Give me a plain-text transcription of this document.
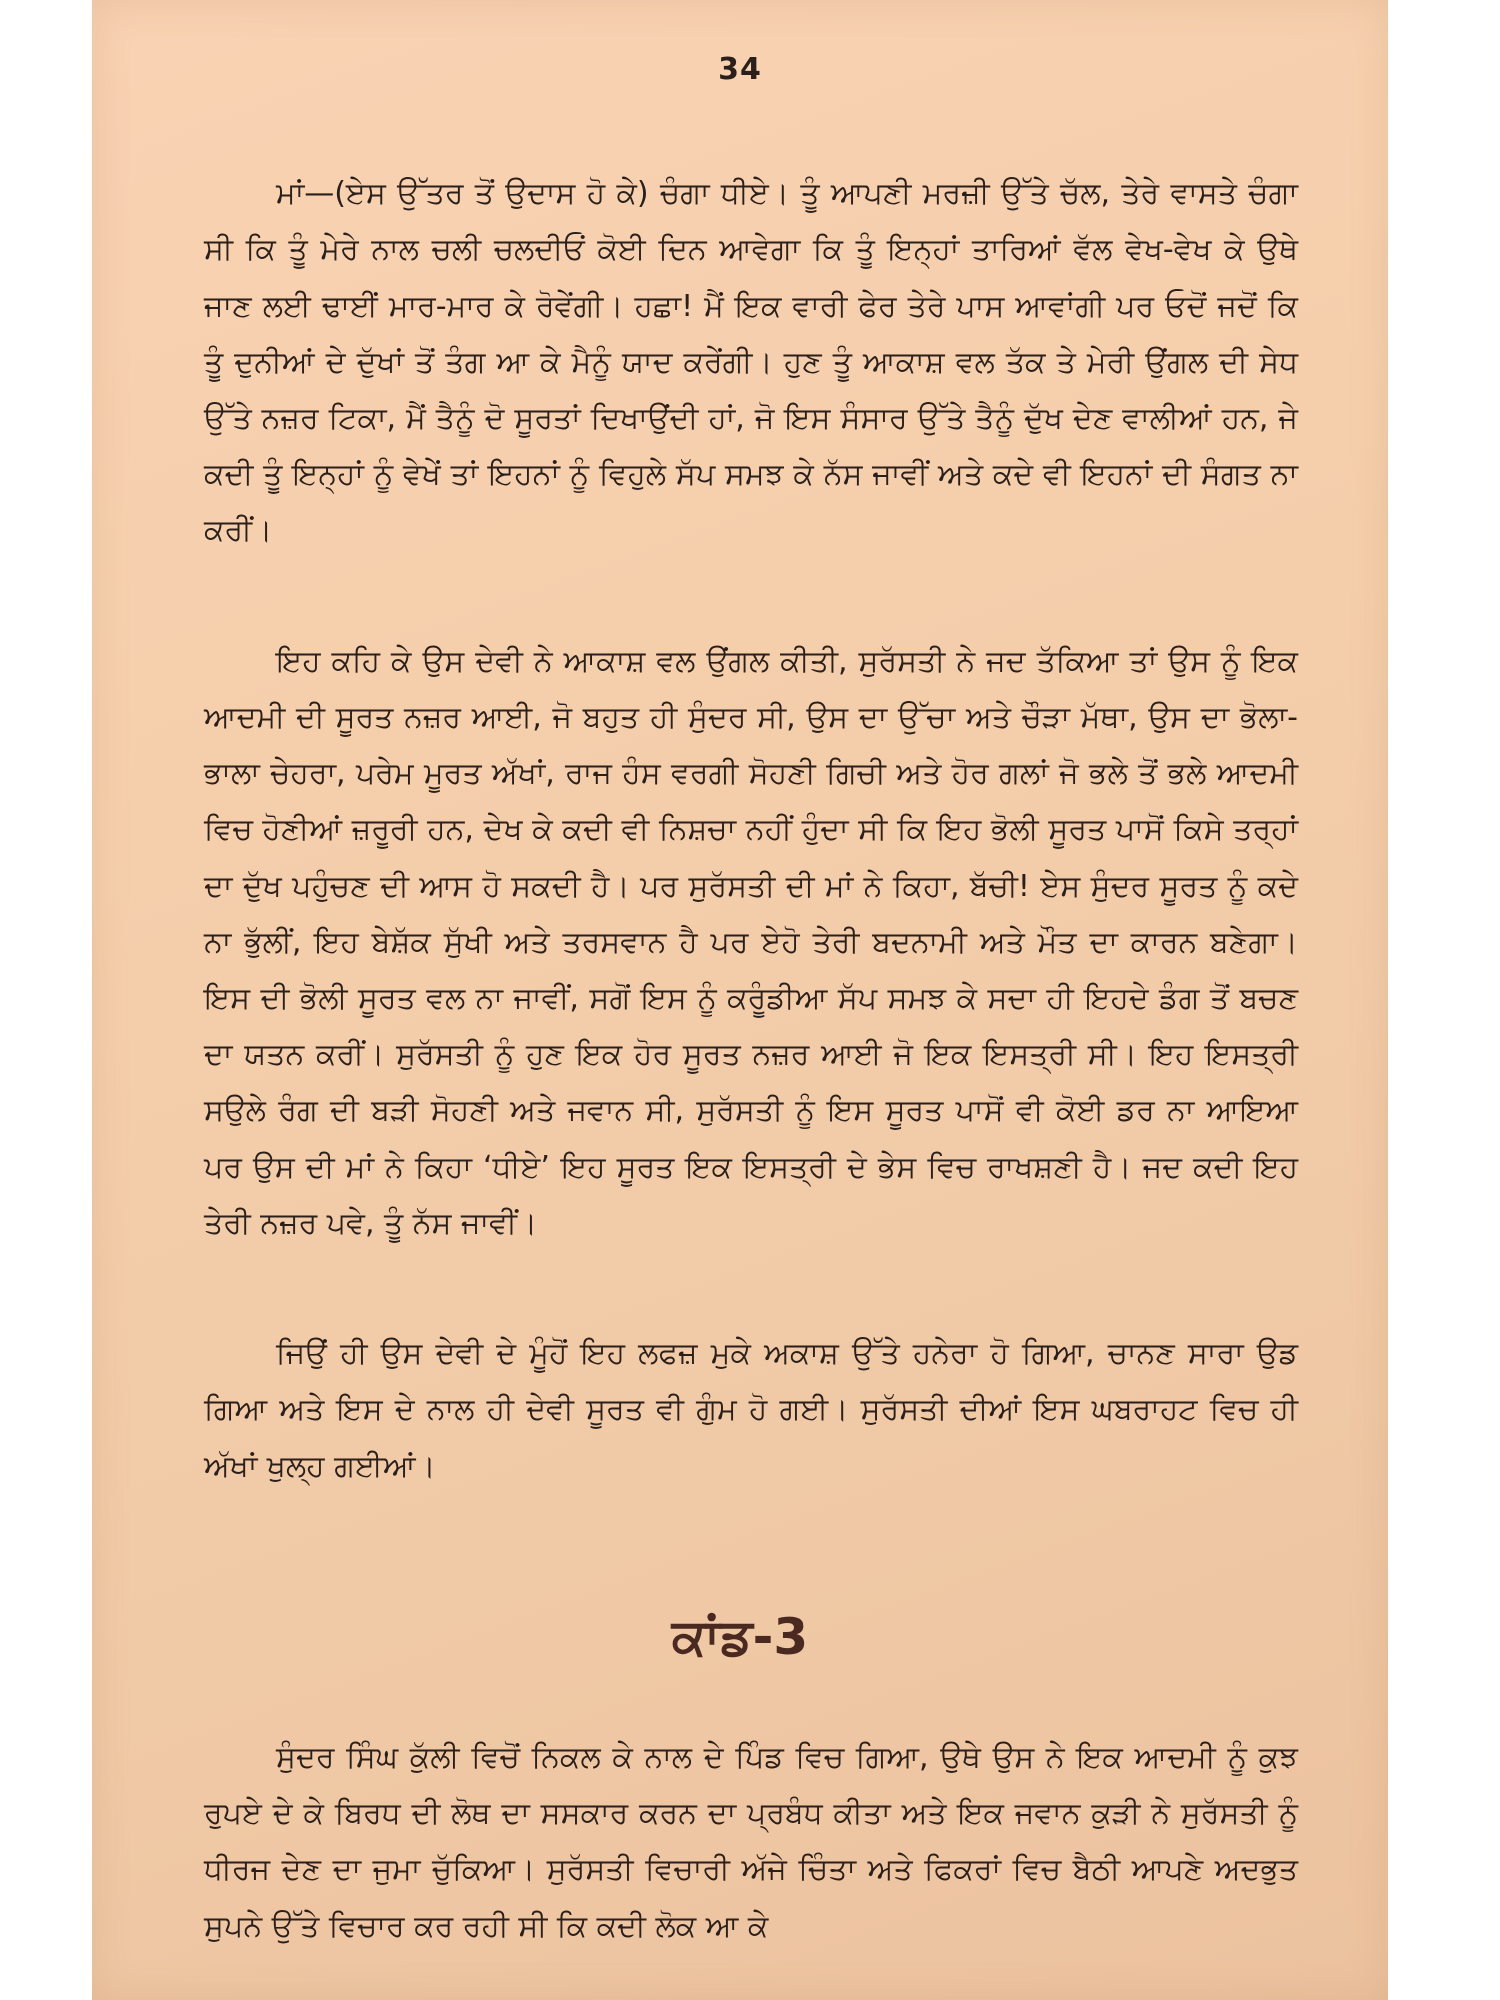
34

ਮਾਂ—(ਏਸ ਉੱਤਰ ਤੋਂ ਉਦਾਸ ਹੋ ਕੇ) ਚੰਗਾ ਧੀਏ। ਤੂੰ ਆਪਣੀ ਮਰਜ਼ੀ ਉੱਤੇ ਚੱਲ, ਤੇਰੇ ਵਾਸਤੇ ਚੰਗਾ ਸੀ ਕਿ ਤੂੰ ਮੇਰੇ ਨਾਲ ਚਲੀ ਚਲਦੀਓਂ ਕੋਈ ਦਿਨ ਆਵੇਗਾ ਕਿ ਤੂੰ ਇਨ੍ਹਾਂ ਤਾਰਿਆਂ ਵੱਲ ਵੇਖ-ਵੇਖ ਕੇ ਉਥੇ ਜਾਣ ਲਈ ਢਾਈਂ ਮਾਰ-ਮਾਰ ਕੇ ਰੋਵੇਂਗੀ। ਹਛਾ! ਮੈਂ ਇਕ ਵਾਰੀ ਫੇਰ ਤੇਰੇ ਪਾਸ ਆਵਾਂਗੀ ਪਰ ਓਦੋਂ ਜਦੋਂ ਕਿ ਤੂੰ ਦੁਨੀਆਂ ਦੇ ਦੁੱਖਾਂ ਤੋਂ ਤੰਗ ਆ ਕੇ ਮੈਨੂੰ ਯਾਦ ਕਰੇਂਗੀ। ਹੁਣ ਤੂੰ ਆਕਾਸ਼ ਵਲ ਤੱਕ ਤੇ ਮੇਰੀ ਉਂਗਲ ਦੀ ਸੇਧ ਉੱਤੇ ਨਜ਼ਰ ਟਿਕਾ, ਮੈਂ ਤੈਨੂੰ ਦੋ ਸੂਰਤਾਂ ਦਿਖਾਉਂਦੀ ਹਾਂ, ਜੋ ਇਸ ਸੰਸਾਰ ਉੱਤੇ ਤੈਨੂੰ ਦੁੱਖ ਦੇਣ ਵਾਲੀਆਂ ਹਨ, ਜੇ ਕਦੀ ਤੂੰ ਇਨ੍ਹਾਂ ਨੂੰ ਵੇਖੇਂ ਤਾਂ ਇਹਨਾਂ ਨੂੰ ਵਿਹੁਲੇ ਸੱਪ ਸਮਝ ਕੇ ਨੱਸ ਜਾਵੀਂ ਅਤੇ ਕਦੇ ਵੀ ਇਹਨਾਂ ਦੀ ਸੰਗਤ ਨਾ ਕਰੀਂ।

ਇਹ ਕਹਿ ਕੇ ਉਸ ਦੇਵੀ ਨੇ ਆਕਾਸ਼ ਵਲ ਉਂਗਲ ਕੀਤੀ, ਸੁਰੱਸਤੀ ਨੇ ਜਦ ਤੱਕਿਆ ਤਾਂ ਉਸ ਨੂੰ ਇਕ ਆਦਮੀ ਦੀ ਸੂਰਤ ਨਜ਼ਰ ਆਈ, ਜੋ ਬਹੁਤ ਹੀ ਸੁੰਦਰ ਸੀ, ਉਸ ਦਾ ਉੱਚਾ ਅਤੇ ਚੌੜਾ ਮੱਥਾ, ਉਸ ਦਾ ਭੋਲਾ-ਭਾਲਾ ਚੇਹਰਾ, ਪਰੇਮ ਮੂਰਤ ਅੱਖਾਂ, ਰਾਜ ਹੰਸ ਵਰਗੀ ਸੋਹਣੀ ਗਿਚੀ ਅਤੇ ਹੋਰ ਗਲਾਂ ਜੋ ਭਲੇ ਤੋਂ ਭਲੇ ਆਦਮੀ ਵਿਚ ਹੋਣੀਆਂ ਜ਼ਰੂਰੀ ਹਨ, ਦੇਖ ਕੇ ਕਦੀ ਵੀ ਨਿਸ਼ਚਾ ਨਹੀਂ ਹੁੰਦਾ ਸੀ ਕਿ ਇਹ ਭੋਲੀ ਸੂਰਤ ਪਾਸੋਂ ਕਿਸੇ ਤਰ੍ਹਾਂ ਦਾ ਦੁੱਖ ਪਹੁੰਚਣ ਦੀ ਆਸ ਹੋ ਸਕਦੀ ਹੈ। ਪਰ ਸੁਰੱਸਤੀ ਦੀ ਮਾਂ ਨੇ ਕਿਹਾ, ਬੱਚੀ! ਏਸ ਸੁੰਦਰ ਸੂਰਤ ਨੂੰ ਕਦੇ ਨਾ ਭੁੱਲੀਂ, ਇਹ ਬੇਸ਼ੱਕ ਸੁੱਖੀ ਅਤੇ ਤਰਸਵਾਨ ਹੈ ਪਰ ਏਹੋ ਤੇਰੀ ਬਦਨਾਮੀ ਅਤੇ ਮੌਤ ਦਾ ਕਾਰਨ ਬਣੇਗਾ। ਇਸ ਦੀ ਭੋਲੀ ਸੂਰਤ ਵਲ ਨਾ ਜਾਵੀਂ, ਸਗੋਂ ਇਸ ਨੂੰ ਕਰੂੰਡੀਆ ਸੱਪ ਸਮਝ ਕੇ ਸਦਾ ਹੀ ਇਹਦੇ ਡੰਗ ਤੋਂ ਬਚਣ ਦਾ ਯਤਨ ਕਰੀਂ। ਸੁਰੱਸਤੀ ਨੂੰ ਹੁਣ ਇਕ ਹੋਰ ਸੂਰਤ ਨਜ਼ਰ ਆਈ ਜੋ ਇਕ ਇਸਤ੍ਰੀ ਸੀ। ਇਹ ਇਸਤ੍ਰੀ ਸਉਲੇ ਰੰਗ ਦੀ ਬੜੀ ਸੋਹਣੀ ਅਤੇ ਜਵਾਨ ਸੀ, ਸੁਰੱਸਤੀ ਨੂੰ ਇਸ ਸੂਰਤ ਪਾਸੋਂ ਵੀ ਕੋਈ ਡਰ ਨਾ ਆਇਆ ਪਰ ਉਸ ਦੀ ਮਾਂ ਨੇ ਕਿਹਾ ‘ਧੀਏ’ ਇਹ ਸੂਰਤ ਇਕ ਇਸਤ੍ਰੀ ਦੇ ਭੇਸ ਵਿਚ ਰਾਖਸ਼ਣੀ ਹੈ। ਜਦ ਕਦੀ ਇਹ ਤੇਰੀ ਨਜ਼ਰ ਪਵੇ, ਤੂੰ ਨੱਸ ਜਾਵੀਂ।

ਜਿਉਂ ਹੀ ਉਸ ਦੇਵੀ ਦੇ ਮੂੰਹੋਂ ਇਹ ਲਫਜ਼ ਮੁਕੇ ਅਕਾਸ਼ ਉੱਤੇ ਹਨੇਰਾ ਹੋ ਗਿਆ, ਚਾਨਣ ਸਾਰਾ ਉਡ ਗਿਆ ਅਤੇ ਇਸ ਦੇ ਨਾਲ ਹੀ ਦੇਵੀ ਸੂਰਤ ਵੀ ਗੁੰਮ ਹੋ ਗਈ। ਸੁਰੱਸਤੀ ਦੀਆਂ ਇਸ ਘਬਰਾਹਟ ਵਿਚ ਹੀ ਅੱਖਾਂ ਖੁਲ੍ਹ ਗਈਆਂ।

ਕਾਂਡ-3

ਸੁੰਦਰ ਸਿੰਘ ਕੁੱਲੀ ਵਿਚੋਂ ਨਿਕਲ ਕੇ ਨਾਲ ਦੇ ਪਿੰਡ ਵਿਚ ਗਿਆ, ਉਥੇ ਉਸ ਨੇ ਇਕ ਆਦਮੀ ਨੂੰ ਕੁਝ ਰੁਪਏ ਦੇ ਕੇ ਬਿਰਧ ਦੀ ਲੋਥ ਦਾ ਸਸਕਾਰ ਕਰਨ ਦਾ ਪ੍ਰਬੰਧ ਕੀਤਾ ਅਤੇ ਇਕ ਜਵਾਨ ਕੁੜੀ ਨੇ ਸੁਰੱਸਤੀ ਨੂੰ ਧੀਰਜ ਦੇਣ ਦਾ ਜੁਮਾ ਚੁੱਕਿਆ। ਸੁਰੱਸਤੀ ਵਿਚਾਰੀ ਅੱਜੇ ਚਿੰਤਾ ਅਤੇ ਫਿਕਰਾਂ ਵਿਚ ਬੈਠੀ ਆਪਣੇ ਅਦਭੁਤ ਸੁਪਨੇ ਉੱਤੇ ਵਿਚਾਰ ਕਰ ਰਹੀ ਸੀ ਕਿ ਕਦੀ ਲੋਕ ਆ ਕੇ
